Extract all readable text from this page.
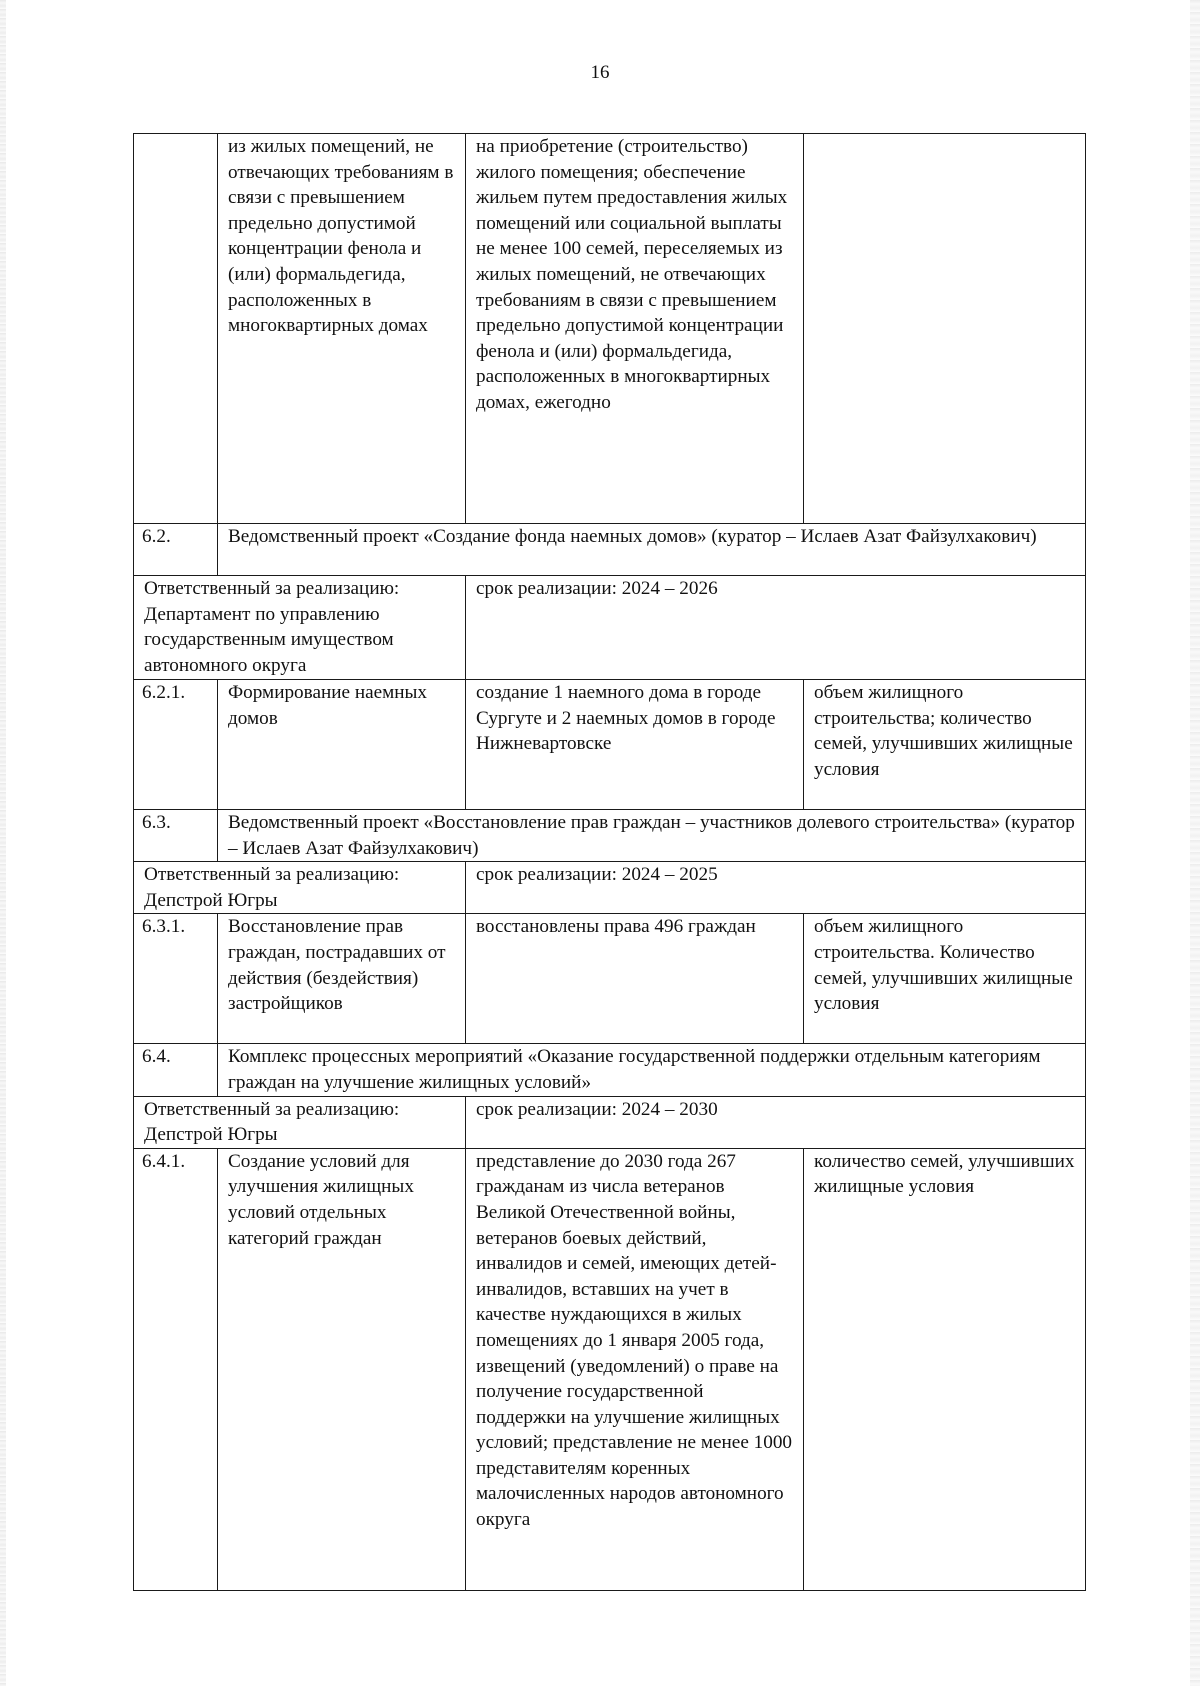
16
	из жилых помещений, не отвечающих требованиям в связи с превышением предельно допустимой концентрации фенола и (или) формальдегида, расположенных в многоквартирных домах	на приобретение (строительство) жилого помещения; обеспечение жильем путем предоставления жилых помещений или социальной выплаты не менее 100 семей, переселяемых из жилых помещений, не отвечающих требованиям в связи с превышением предельно допустимой концентрации фенола и (или) формальдегида, расположенных в многоквартирных домах, ежегодно	
6.2.	Ведомственный проект «Создание фонда наемных домов» (куратор – Ислаев Азат Файзулхакович)		
Ответственный за реализацию: Департамент по управлению государственным имуществом автономного округа		срок реализации: 2024 – 2026	
6.2.1.	Формирование наемных домов	создание 1 наемного дома в городе Сургуте и 2 наемных домов в городе Нижневартовске	объем жилищного строительства; количество семей, улучшивших жилищные условия
6.3.	Ведомственный проект «Восстановление прав граждан – участников долевого строительства» (куратор – Ислаев Азат Файзулхакович)		
Ответственный за реализацию: Депстрой Югры		срок реализации: 2024 – 2025	
6.3.1.	Восстановление прав граждан, пострадавших от действия (бездействия) застройщиков	восстановлены права 496 граждан	объем жилищного строительства. Количество семей, улучшивших жилищные условия
6.4.	Комплекс процессных мероприятий «Оказание государственной поддержки отдельным категориям граждан на улучшение жилищных условий»		
Ответственный за реализацию: Депстрой Югры		срок реализации: 2024 – 2030	
6.4.1.	Создание условий для улучшения жилищных условий отдельных категорий граждан	представление до 2030 года 267 гражданам из числа ветеранов Великой Отечественной войны, ветеранов боевых действий, инвалидов и семей, имеющих детей-инвалидов, вставших на учет в качестве нуждающихся в жилых помещениях до 1 января 2005 года, извещений (уведомлений) о праве на получение государственной поддержки на улучшение жилищных условий; представление не менее 1000 представителям коренных малочисленных народов автономного округа	количество семей, улучшивших жилищные условия
